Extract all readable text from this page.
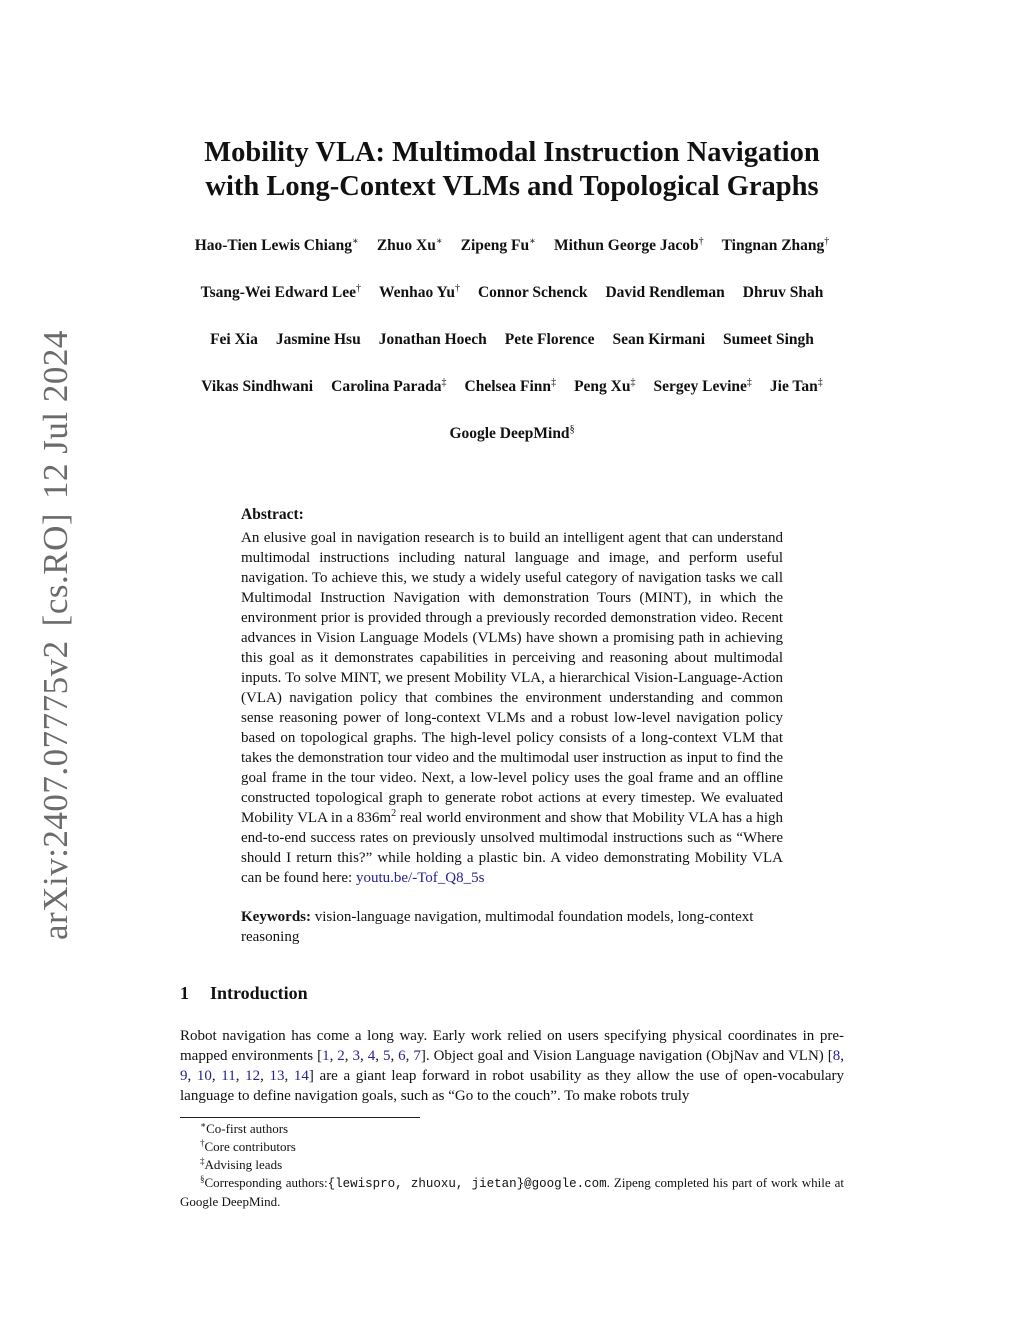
arXiv:2407.07775v2[cs.RO]12 Jul 2024
Mobility VLA: Multimodal Instruction Navigation
with Long-Context VLMs and Topological Graphs
Hao-Tien Lewis Chiang∗ Zhuo Xu∗ Zipeng Fu∗ Mithun George Jacob† Tingnan Zhang†
Tsang-Wei Edward Lee† Wenhao Yu† Connor Schenck David Rendleman Dhruv Shah
Fei Xia Jasmine Hsu Jonathan Hoech Pete Florence Sean Kirmani Sumeet Singh
Vikas Sindhwani Carolina Parada‡ Chelsea Finn‡ Peng Xu‡ Sergey Levine‡ Jie Tan‡
Google DeepMind§
Abstract:
An elusive goal in navigation research is to build an intelligent agent that can understand multimodal instructions including natural language and image, and perform useful navigation. To achieve this, we study a widely useful category of navigation tasks we call Multimodal Instruction Navigation with demonstration Tours (MINT), in which the environment prior is provided through a previously recorded demonstration video. Recent advances in Vision Language Models (VLMs) have shown a promising path in achieving this goal as it demonstrates capabilities in perceiving and reasoning about multimodal inputs. To solve MINT, we present Mobility VLA, a hierarchical Vision-Language-Action (VLA) navigation policy that combines the environment understanding and common sense reasoning power of long-context VLMs and a robust low-level navigation policy based on topological graphs. The high-level policy consists of a long-context VLM that takes the demonstration tour video and the multimodal user instruction as input to find the goal frame in the tour video. Next, a low-level policy uses the goal frame and an offline constructed topological graph to generate robot actions at every timestep. We evaluated Mobility VLA in a $836m^2$ real world environment and show that Mobility VLA has a high end-to-end success rates on previously unsolved multimodal instructions such as “Where should I return this?” while holding a plastic bin. A video demonstrating Mobility VLA can be found here: youtu.be/-Tof_Q8_5s
Keywords: vision-language navigation, multimodal foundation models, long-context reasoning
1 Introduction
Robot navigation has come a long way. Early work relied on users specifying physical coordinates in pre-mapped environments [1, 2, 3, 4, 5, 6, 7]. Object goal and Vision Language navigation (ObjNav and VLN) [8, 9, 10, 11, 12, 13, 14] are a giant leap forward in robot usability as they allow the use of open-vocabulary language to define navigation goals, such as “Go to the couch”. To make robots truly
∗Co-first authors
†Core contributors
‡Advising leads
§Corresponding authors:{lewispro, zhuoxu, jietan}@google.com. Zipeng completed his part of work while at Google DeepMind.
